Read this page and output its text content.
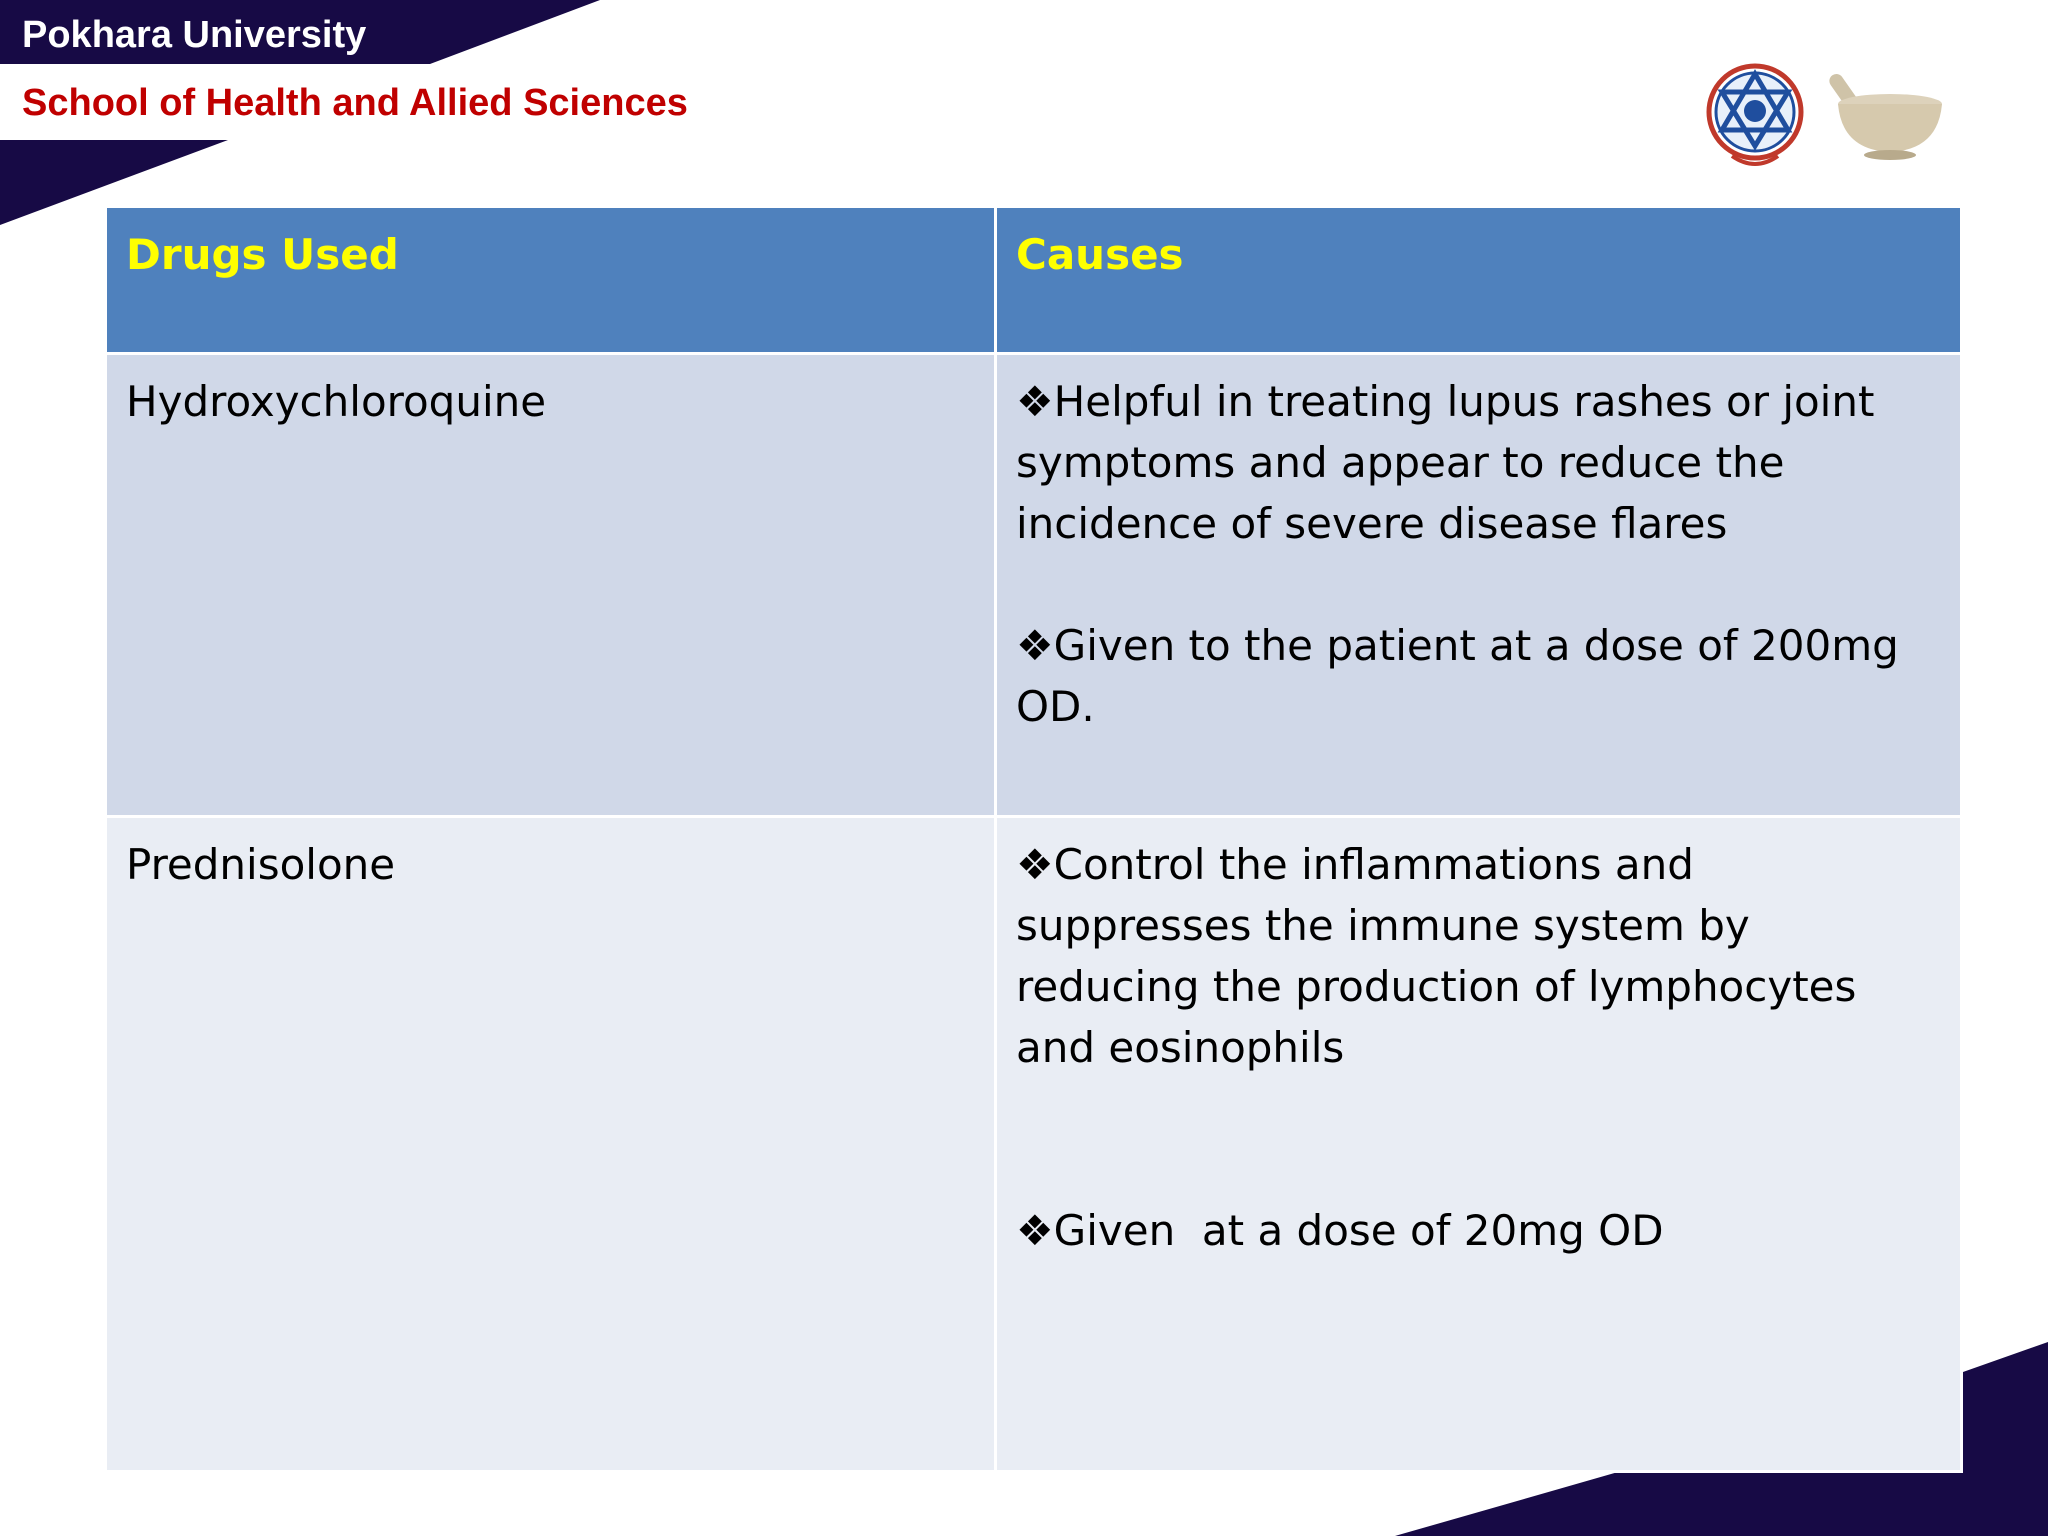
Pokhara University
School of Health and Allied Sciences
Drugs Used	Causes
Hydroxychloroquine	❖Helpful in treating lupus rashes or joint symptoms and appear to reduce the incidence of severe disease flares

❖Given to the patient at a dose of 200mg OD.

Prednisolone	❖Control the inflammations and suppresses the immune system by reducing the production of lymphocytes and eosinophils

❖Given  at a dose of 20mg OD
